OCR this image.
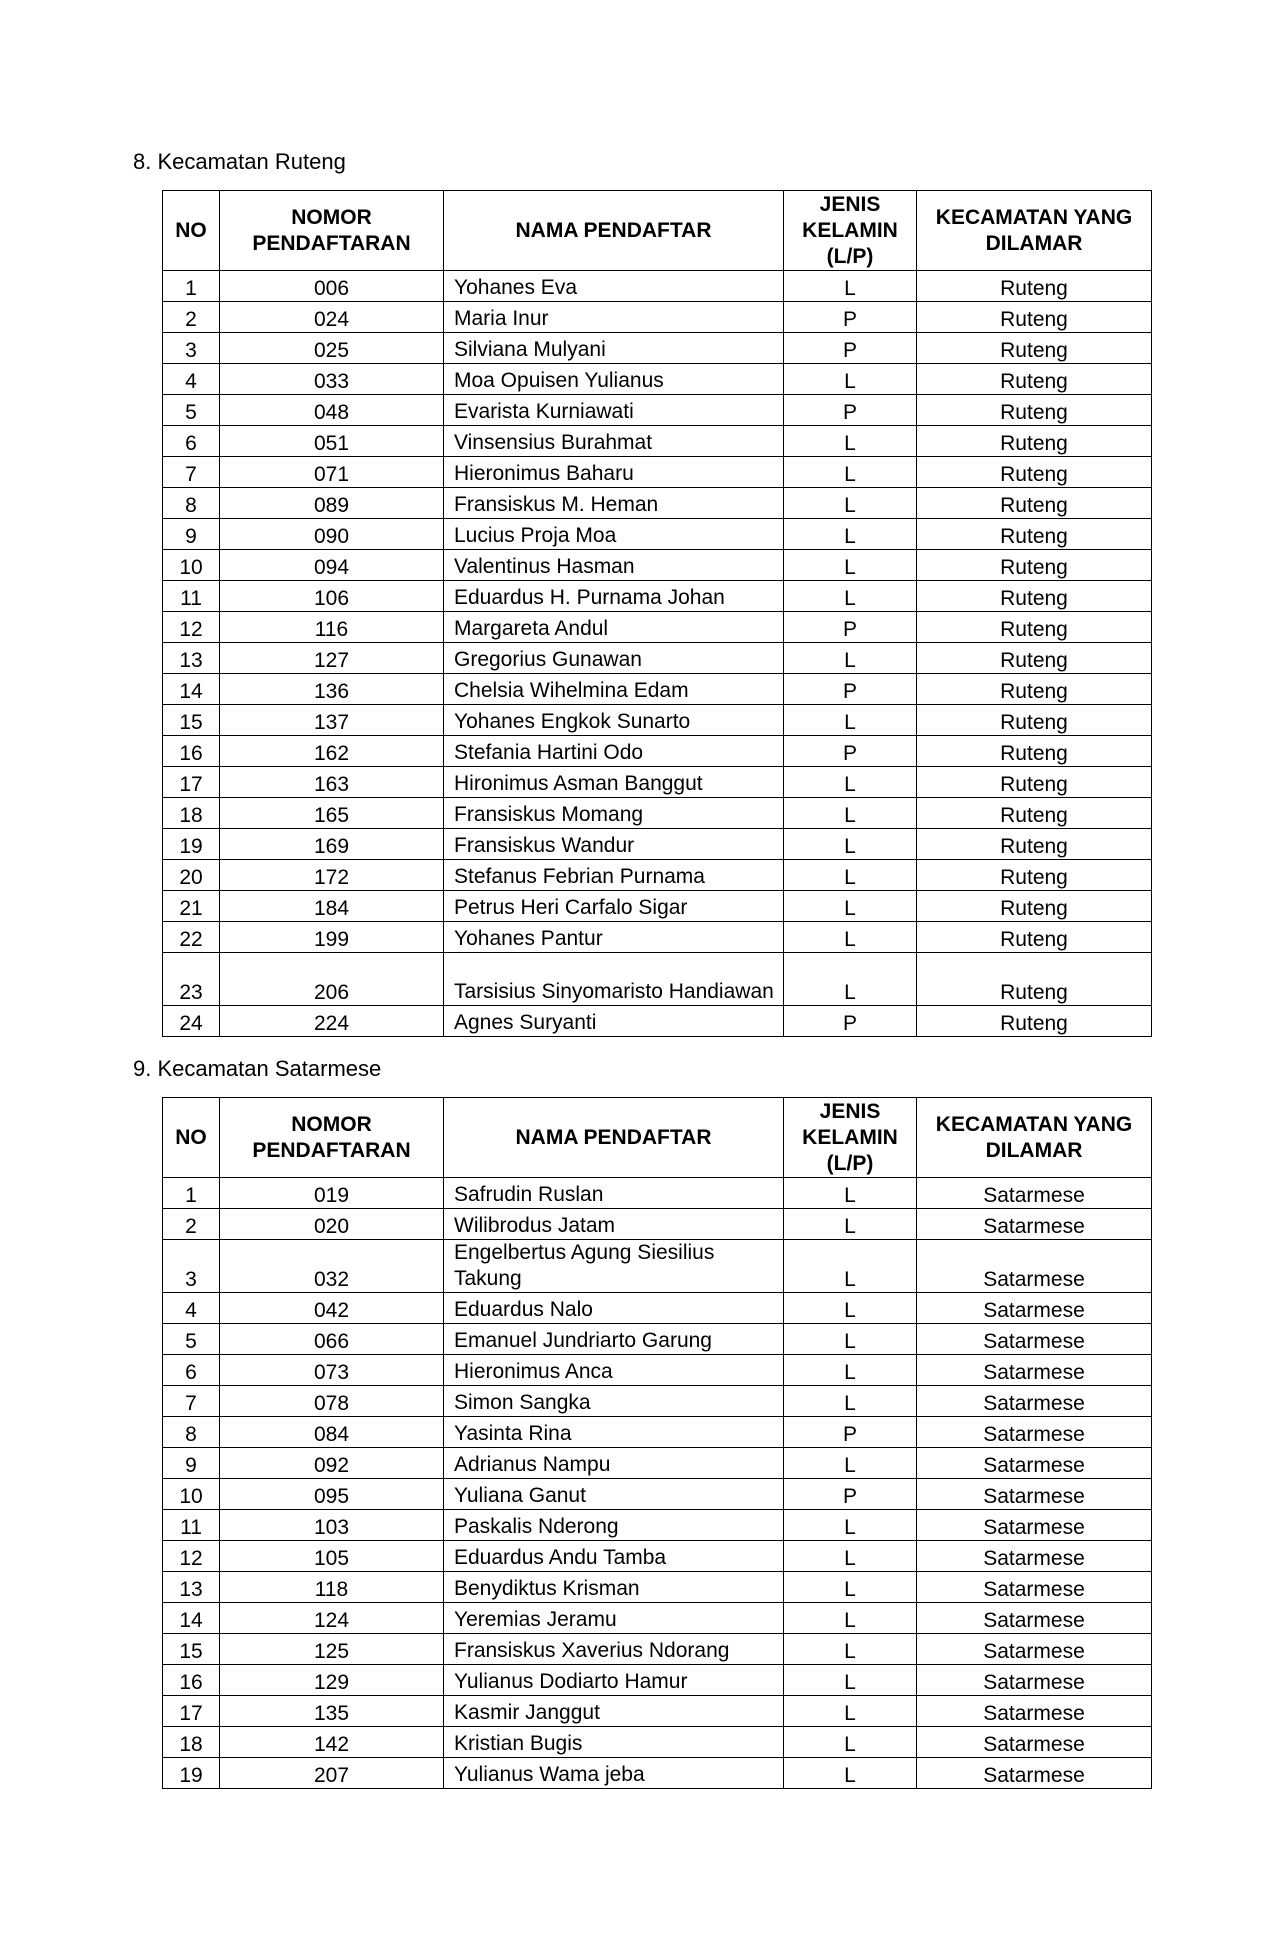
8. Kecamatan Ruteng
NO	NOMOR PENDAFTARAN	NAMA PENDAFTAR	JENIS KELAMIN (L/P)	KECAMATAN YANG DILAMAR
1	006	Yohanes Eva	L	Ruteng
2	024	Maria Inur	P	Ruteng
3	025	Silviana Mulyani	P	Ruteng
4	033	Moa Opuisen Yulianus	L	Ruteng
5	048	Evarista Kurniawati	P	Ruteng
6	051	Vinsensius Burahmat	L	Ruteng
7	071	Hieronimus Baharu	L	Ruteng
8	089	Fransiskus M. Heman	L	Ruteng
9	090	Lucius Proja Moa	L	Ruteng
10	094	Valentinus Hasman	L	Ruteng
11	106	Eduardus H. Purnama Johan	L	Ruteng
12	116	Margareta Andul	P	Ruteng
13	127	Gregorius Gunawan	L	Ruteng
14	136	Chelsia Wihelmina Edam	P	Ruteng
15	137	Yohanes Engkok Sunarto	L	Ruteng
16	162	Stefania Hartini Odo	P	Ruteng
17	163	Hironimus Asman Banggut	L	Ruteng
18	165	Fransiskus Momang	L	Ruteng
19	169	Fransiskus Wandur	L	Ruteng
20	172	Stefanus Febrian Purnama	L	Ruteng
21	184	Petrus Heri Carfalo Sigar	L	Ruteng
22	199	Yohanes Pantur	L	Ruteng
23	206	Tarsisius Sinyomaristo Handiawan	L	Ruteng
24	224	Agnes Suryanti	P	Ruteng
9. Kecamatan Satarmese
NO	NOMOR PENDAFTARAN	NAMA PENDAFTAR	JENIS KELAMIN (L/P)	KECAMATAN YANG DILAMAR
1	019	Safrudin Ruslan	L	Satarmese
2	020	Wilibrodus Jatam	L	Satarmese
3	032	Engelbertus Agung Siesilius Takung	L	Satarmese
4	042	Eduardus Nalo	L	Satarmese
5	066	Emanuel Jundriarto Garung	L	Satarmese
6	073	Hieronimus Anca	L	Satarmese
7	078	Simon Sangka	L	Satarmese
8	084	Yasinta Rina	P	Satarmese
9	092	Adrianus Nampu	L	Satarmese
10	095	Yuliana Ganut	P	Satarmese
11	103	Paskalis Nderong	L	Satarmese
12	105	Eduardus Andu Tamba	L	Satarmese
13	118	Benydiktus Krisman	L	Satarmese
14	124	Yeremias Jeramu	L	Satarmese
15	125	Fransiskus Xaverius Ndorang	L	Satarmese
16	129	Yulianus Dodiarto Hamur	L	Satarmese
17	135	Kasmir Janggut	L	Satarmese
18	142	Kristian Bugis	L	Satarmese
19	207	Yulianus Wama jeba	L	Satarmese
